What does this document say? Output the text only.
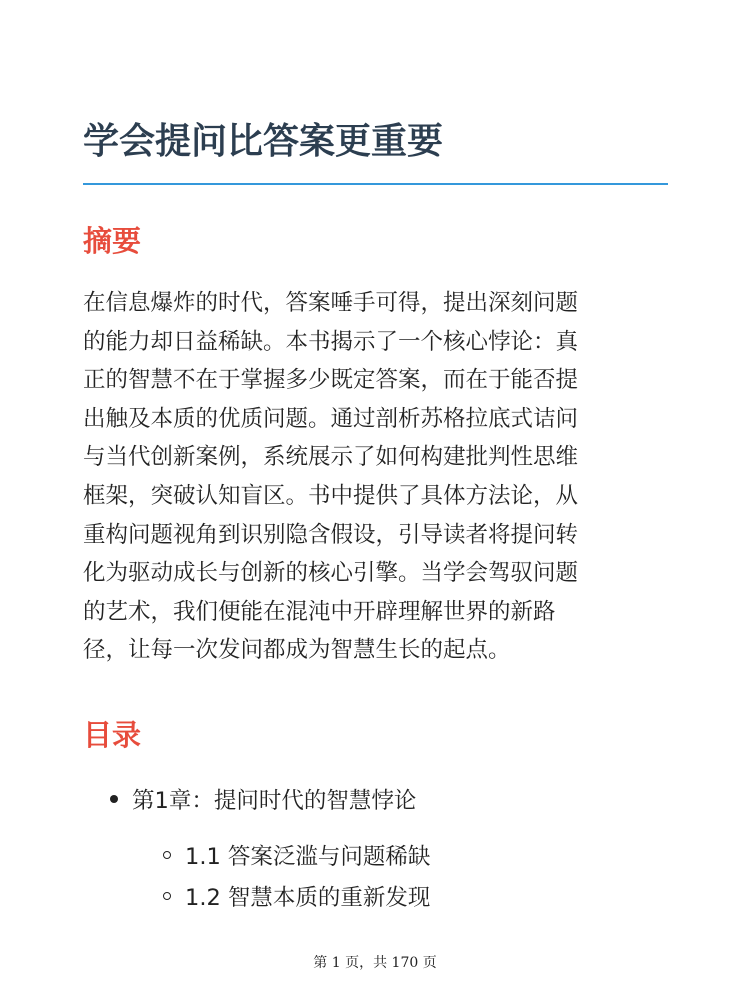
学会提问比答案更重要
摘要

在信息爆炸的时代，答案唾手可得，提出深刻问题
的能力却日益稀缺。本书揭示了一个核心悖论：真
正的智慧不在于掌握多少既定答案，而在于能否提
出触及本质的优质问题。通过剖析苏格拉底式诘问
与当代创新案例，系统展示了如何构建批判性思维
框架，突破认知盲区。书中提供了具体方法论，从
重构问题视角到识别隐含假设，引导读者将提问转
化为驱动成长与创新的核心引擎。当学会驾驭问题
的艺术，我们便能在混沌中开辟理解世界的新路
径，让每一次发问都成为智慧生长的起点。

目录
第1章：提问时代的智慧悖论
1.1 答案泛滥与问题稀缺
1.2 智慧本质的重新发现
第 1 页，共 170 页
